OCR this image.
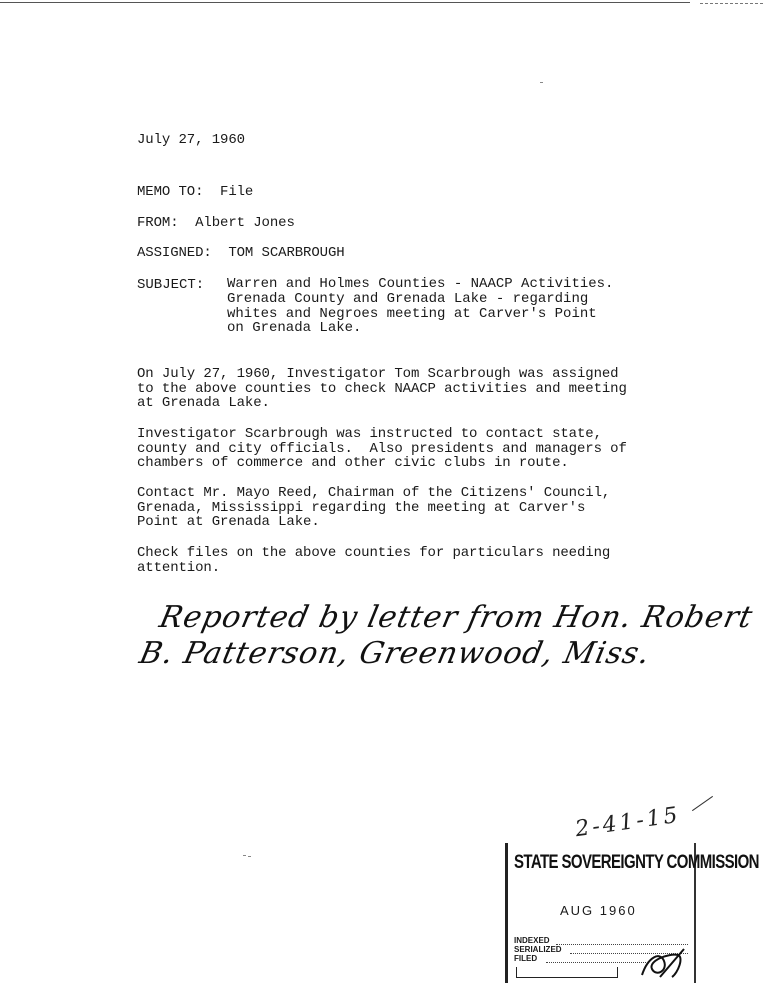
July 27, 1960
MEMO TO: File
FROM: Albert Jones
ASSIGNED: TOM SCARBROUGH
SUBJECT: Warren and Holmes Counties - NAACP Activities.
Grenada County and Grenada Lake - regarding
whites and Negroes meeting at Carver's Point
on Grenada Lake.
On July 27, 1960, Investigator Tom Scarbrough was assigned
to the above counties to check NAACP activities and meeting
at Grenada Lake.
Investigator Scarbrough was instructed to contact state,
county and city officials.  Also presidents and managers of
chambers of commerce and other civic clubs in route.
Contact Mr. Mayo Reed, Chairman of the Citizens' Council,
Grenada, Mississippi regarding the meeting at Carver's
Point at Grenada Lake.
Check files on the above counties for particulars needing
attention.
Reported by letter from Hon. Robert
B. Patterson, Greenwood, Miss.
2-41-15
STATE SOVEREIGNTY COMMISSION
AUG 1960
INDEXED
SERIALIZED
FILED
